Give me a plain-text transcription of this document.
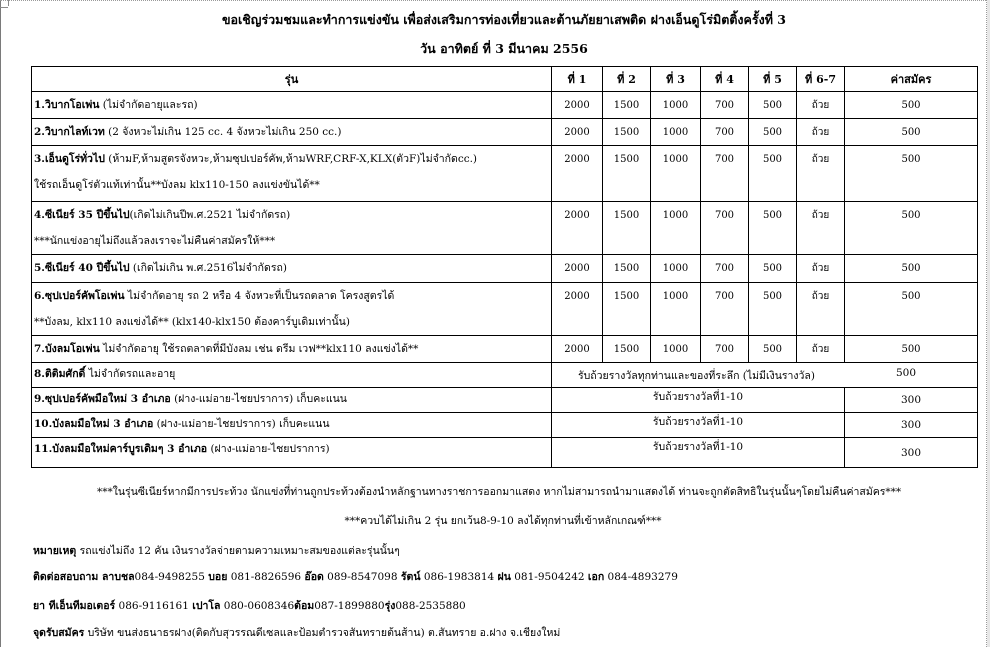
ขอเชิญร่วมชมและทำการแข่งขัน เพื่อส่งเสริมการท่องเที่ยวและต้านภัยยาเสพติด ฝางเอ็นดูโร่มิตติ้งครั้งที่ 3
วัน อาทิตย์ ที่ 3 มีนาคม 2556
รุ่น	ที่ 1	ที่ 2	ที่ 3	ที่ 4	ที่ 5	ที่ 6-7	ค่าสมัคร

1.วิบากโอเพ่น (ไม่จำกัดอายุและรถ)	2000	1500	1000	700	500	ถ้วย	500

2.วิบากไลท์เวท (2 จังหวะไม่เกิน 125 cc. 4 จังหวะไม่เกิน 250 cc.)	2000	1500	1000	700	500	ถ้วย	500

3.เอ็นดูโร่ทั่วไป (ห้ามF,ห้ามสูตรจังหวะ,ห้ามซุปเปอร์คัพ,ห้ามWRF,CRF-X,KLX(ตัวF)ไม่จำกัดcc.)
ใช้รถเอ็นดูโร่ตัวแท้เท่านั้น**บังลม klx110-150 ลงแข่งขันได้**	2000	1500	1000	700	500	ถ้วย	500

4.ซีเนียร์ 35 ปีขึ้นไป(เกิดไม่เกินปีพ.ศ.2521 ไม่จำกัดรถ)
***นักแข่งอายุไม่ถึงแล้วลงเราจะไม่คืนค่าสมัครให้***	2000	1500	1000	700	500	ถ้วย	500

5.ซีเนียร์ 40 ปีขึ้นไป (เกิดไม่เกิน พ.ศ.2516ไม่จำกัดรถ)	2000	1500	1000	700	500	ถ้วย	500

6.ซุปเปอร์คัพโอเพ่น ไม่จำกัดอายุ รถ 2 หรือ 4 จังหวะที่เป็นรถตลาด โครงสูตรได้
**บังลม, klx110 ลงแข่งได้** (klx140-klx150 ต้องคาร์บูเดิมเท่านั้น)	2000	1500	1000	700	500	ถ้วย	500

7.บังลมโอเพ่น ไม่จำกัดอายุ ใช้รถตลาดที่มีบังลม เช่น ดรีม เวฟ**klx110 ลงแข่งได้**	2000	1500	1000	700	500	ถ้วย	500

8.ติติมศักดิ์ ไม่จำกัดรถและอายุ	รับถ้วยรางวัลทุกท่านและของที่ระลึก (ไม่มีเงินรางวัล) 500						

9.ซุปเปอร์คัพมือใหม่ 3 อำเภอ (ฝาง-แม่อาย-ไชยปราการ) เก็บคะแนน	รับถ้วยรางวัลที่1-10						300

10.บังลมมือใหม่ 3 อำเภอ (ฝาง-แม่อาย-ไชยปราการ) เก็บคะแนน	รับถ้วยรางวัลที่1-10						300

11.บังลมมือใหม่คาร์บูรเดิมๆ 3 อำเภอ (ฝาง-แม่อาย-ไชยปราการ)	รับถ้วยรางวัลที่1-10						300
***ในรุ่นซีเนียร์หากมีการประท้วง นักแข่งที่ท่านถูกประท้วงต้องนำหลักฐานทางราชการออกมาแสดง หากไม่สามารถนำมาแสดงได้ ท่านจะถูกตัดสิทธิในรุ่นนั้นๆโดยไม่คืนค่าสมัคร***
***ควบได้ไม่เกิน 2 รุ่น ยกเว้น8-9-10 ลงได้ทุกท่านที่เข้าหลักเกณฑ์***
หมายเหตุ รถแข่งไม่ถึง 12 คัน เงินรางวัลจ่ายตามความเหมาะสมของแต่ละรุ่นนั้นๆ
ติดต่อสอบถาม ลาบชล084-9498255 บอย 081-8826596 อ๊อด 089-8547098 รัตน์ 086-1983814 ฝน 081-9504242 เอก 084-4893279
ยา ทีเอ็นทีมอเตอร์ 086-9116161 เปาโล 080-0608346ต้อม087-1899880รุ่ง088-2535880
จุดรับสมัคร บริษัท ขนส่งธนาธรฝาง(ติดกับสุวรรณดีเซลและป้อมตำรวจสันทรายต้นส้าน) ต.สันทราย อ.ฝาง จ.เชียงใหม่
